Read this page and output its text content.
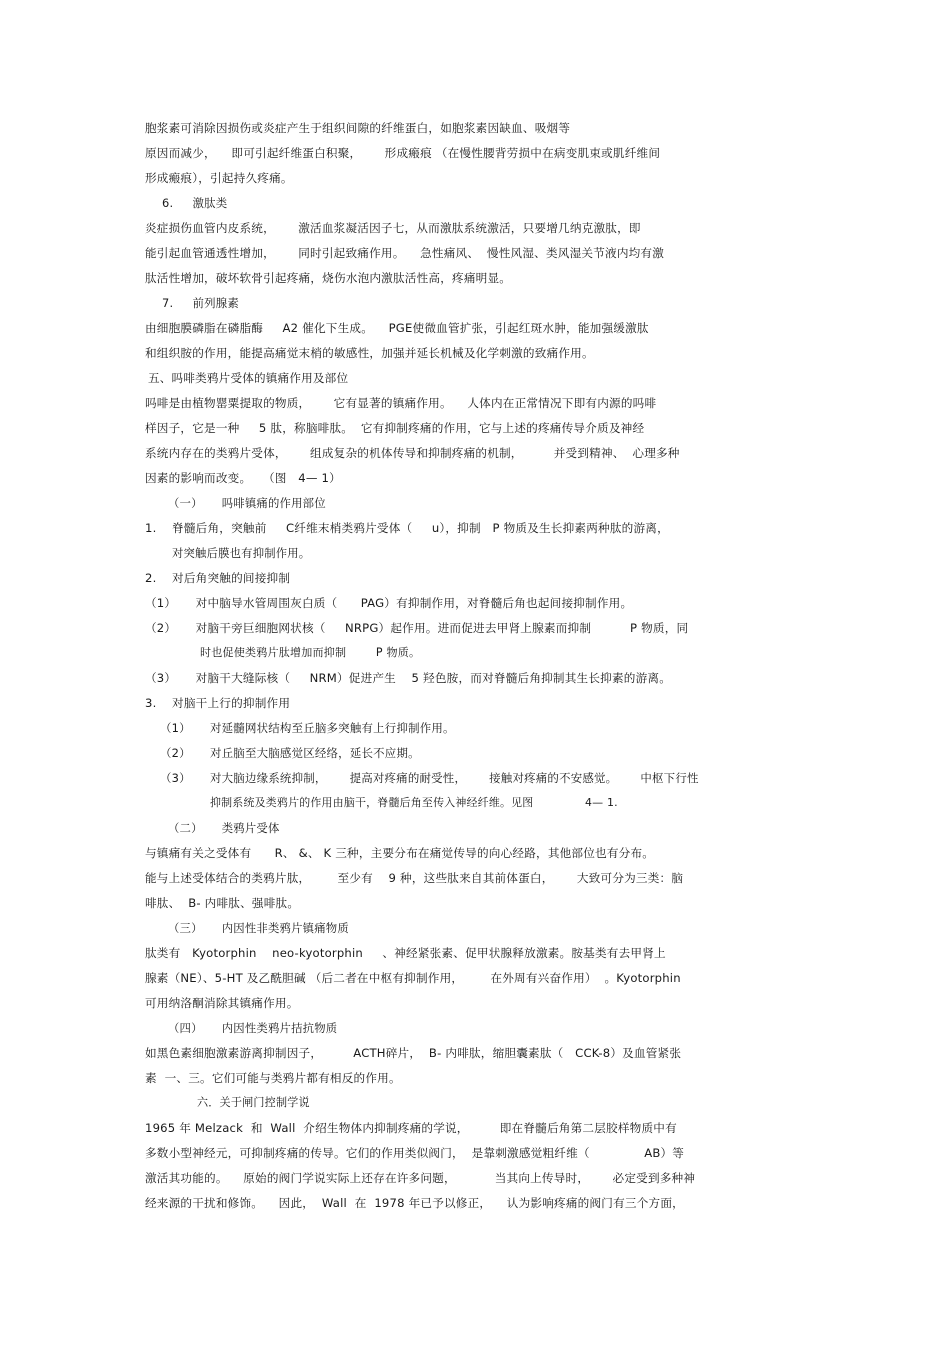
胞浆素可消除因损伤或炎症产生于组织间隙的纤维蛋白，如胞浆素因缺血、吸烟等
原因而减少，    即可引起纤维蛋白积聚，      形成瘢痕 （在慢性腰背劳损中在病变肌束或肌纤维间
形成瘢痕），引起持久疼痛。
6.     激肽类
炎症损伤血管内皮系统，      激活血浆凝活因子七，从而激肽系统激活，只要增几纳克激肽，即
能引起血管通透性增加，      同时引起致痛作用。    急性痛风、  慢性风湿、类风湿关节液内均有激
肽活性增加，破坏软骨引起疼痛，烧伤水泡内激肽活性高，疼痛明显。
7.     前列腺素
由细胞膜磷脂在磷脂酶     A2 催化下生成。    PGE使微血管扩张，引起红斑水肿，能加强缓激肽
和组织胺的作用，能提高痛觉末梢的敏感性，加强并延长机械及化学刺激的致痛作用。
五、吗啡类鸦片受体的镇痛作用及部位
吗啡是由植物罂粟提取的物质，      它有显著的镇痛作用。    人体内在正常情况下即有内源的吗啡
样因子，它是一种     5 肽，称脑啡肽。  它有抑制疼痛的作用，它与上述的疼痛传导介质及神经
系统内存在的类鸦片受体，      组成复杂的机体传导和抑制疼痛的机制，        并受到精神、  心理多种
因素的影响而改变。   （图   4— 1）
（一）     吗啡镇痛的作用部位
1.    脊髓后角，突触前     C纤维末梢类鸦片受体（     u），抑制   P 物质及生长抑素两种肽的游离，
对突触后膜也有抑制作用。
2.    对后角突触的间接抑制
（1）     对中脑导水管周围灰白质（      PAG）有抑制作用，对脊髓后角也起间接抑制作用。
（2）     对脑干旁巨细胞网状核（     NRPG）起作用。进而促进去甲肾上腺素而抑制          P 物质，同
时也促使类鸦片肽增加而抑制        P 物质。
（3）     对脑干大缝际核（     NRM）促进产生    5 羟色胺，而对脊髓后角抑制其生长抑素的游离。
3.    对脑干上行的抑制作用
（1）     对延髓网状结构至丘脑多突触有上行抑制作用。
（2）     对丘脑至大脑感觉区经络，延长不应期。
（3）     对大脑边缘系统抑制，      提高对疼痛的耐受性，      接触对疼痛的不安感觉。      中枢下行性
抑制系统及类鸦片的作用由脑干，脊髓后角至传入神经纤维。见图              4— 1.
（二）     类鸦片受体
与镇痛有关之受体有      R、 &、 K 三种，主要分布在痛觉传导的向心经路，其他部位也有分布。
能与上述受体结合的类鸦片肽，       至少有    9 种，这些肽来自其前体蛋白，      大致可分为三类：脑
啡肽、  B- 内啡肽、强啡肽。
（三）     内因性非类鸦片镇痛物质
肽类有   Kyotorphin    neo-kyotorphin     、神经紧张素、促甲状腺释放激素。胺基类有去甲肾上
腺素（NE）、5-HT 及乙酰胆碱 （后二者在中枢有抑制作用，       在外周有兴奋作用）  。Kyotorphin
可用纳洛酮消除其镇痛作用。
（四）     内因性类鸦片拮抗物质
如黑色素细胞激素游离抑制因子，        ACTH碎片，  B- 内啡肽，缩胆囊素肽（   CCK-8）及血管紧张
素  一、三。它们可能与类鸦片都有相反的作用。
六．关于闸门控制学说
1965 年 Melzack  和  Wall  介绍生物体内抑制疼痛的学说，        即在脊髓后角第二层胶样物质中有
多数小型神经元，可抑制疼痛的传导。它们的作用类似阀门，  是靠刺激感觉粗纤维（              AB）等
激活其功能的。    原始的阀门学说实际上还存在许多问题，          当其向上传导时，      必定受到多种神
经来源的干扰和修饰。    因此，  Wall  在  1978 年已予以修正，    认为影响疼痛的阀门有三个方面，
